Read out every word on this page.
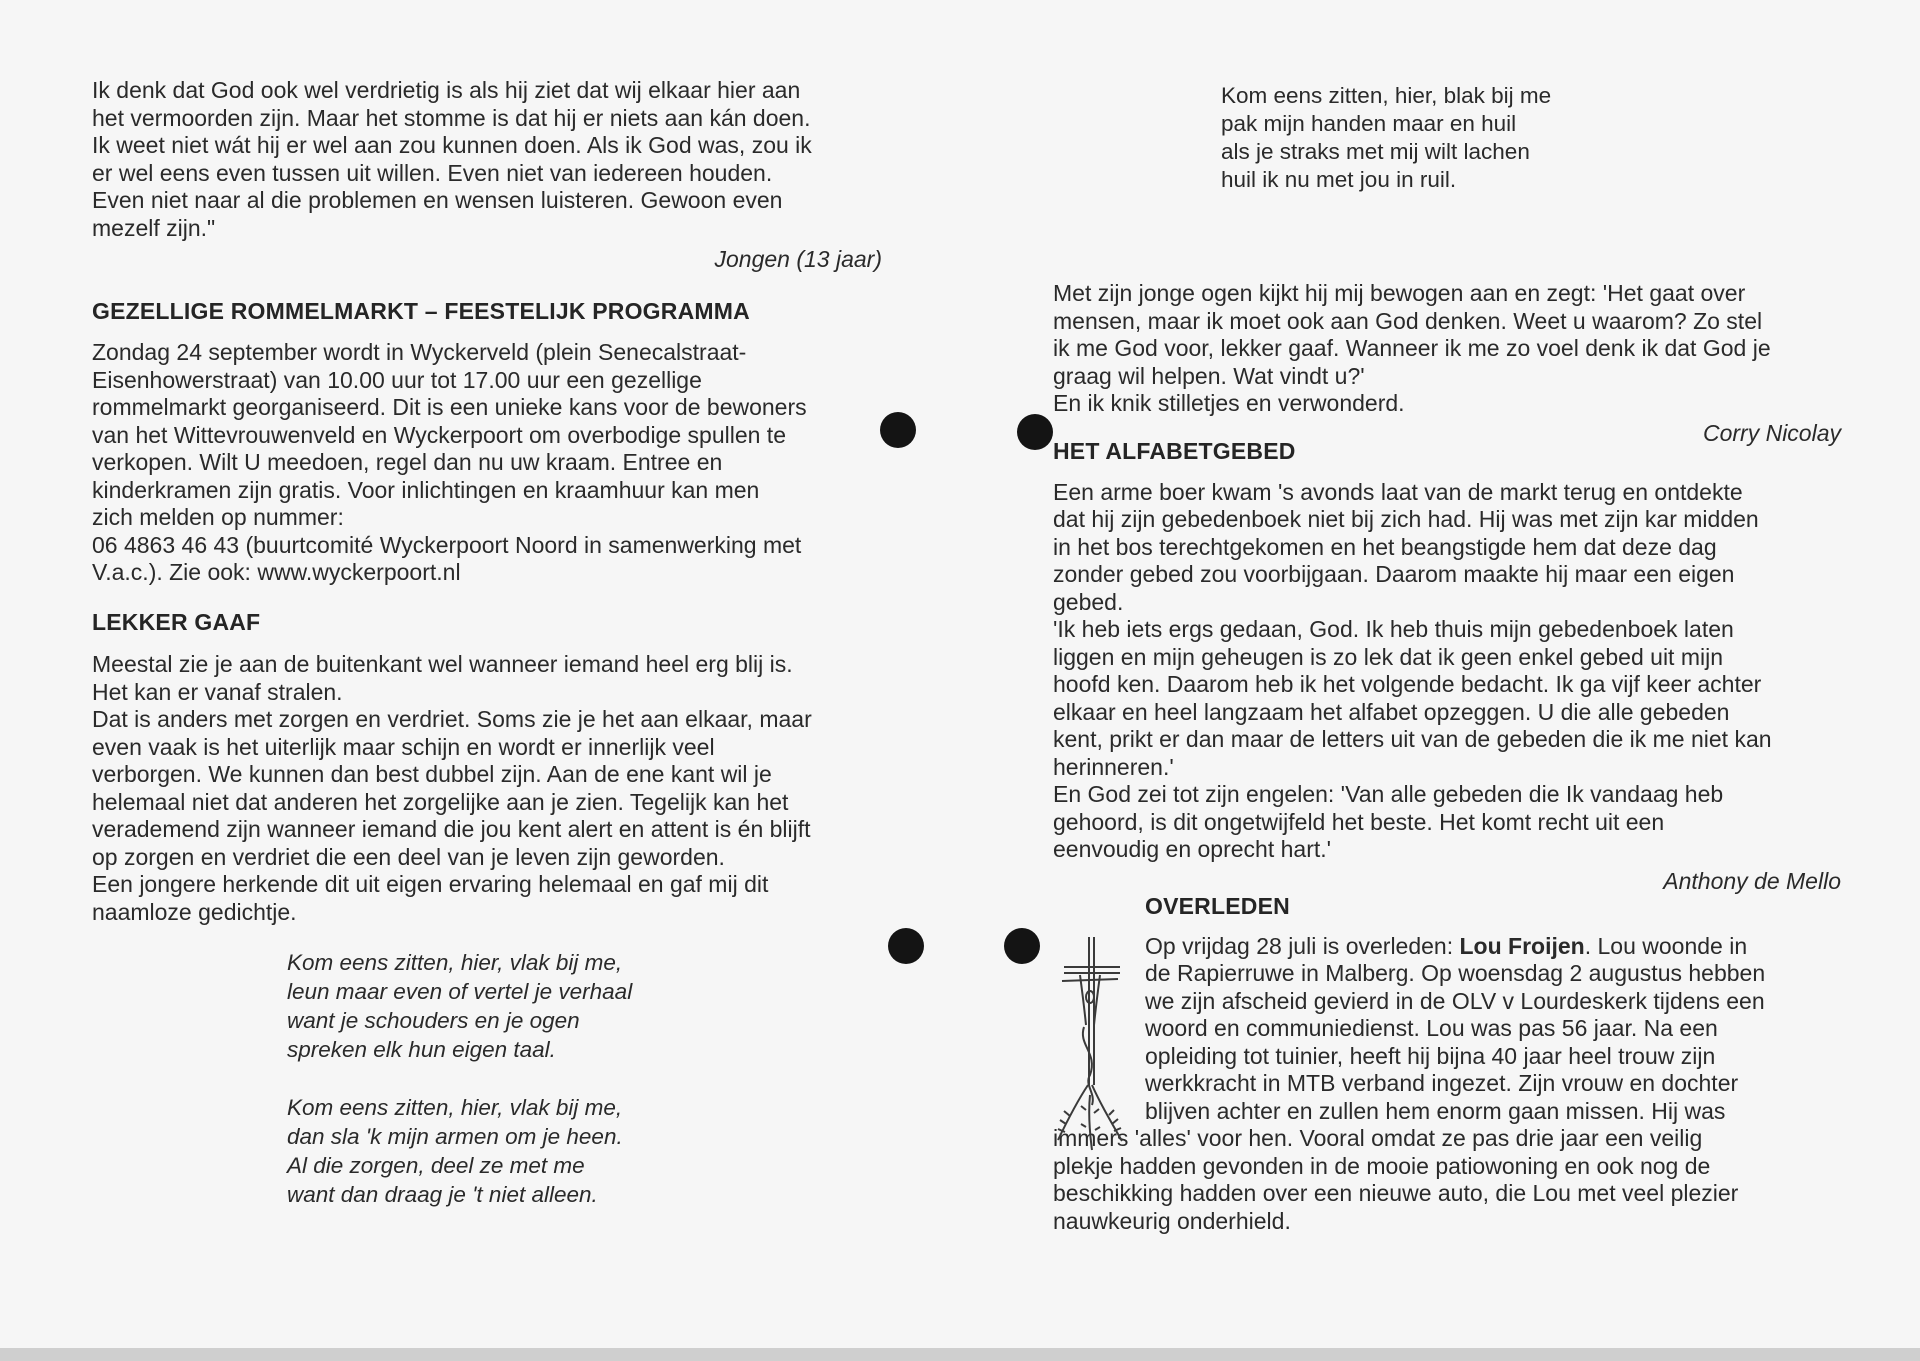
Ik denk dat God ook wel verdrietig is als hij ziet dat wij elkaar hier aan
het vermoorden zijn. Maar het stomme is dat hij er niets aan kán doen.
Ik weet niet wát hij er wel aan zou kunnen doen. Als ik God was, zou ik
er wel eens even tussen uit willen. Even niet van iedereen houden.
Even niet naar al die problemen en wensen luisteren. Gewoon even
mezelf zijn."

Jongen (13 jaar)

GEZELLIGE ROMMELMARKT – FEESTELIJK PROGRAMMA
Zondag 24 september wordt in Wyckerveld (plein Senecalstraat-
Eisenhowerstraat) van 10.00 uur tot 17.00 uur een gezellige
rommelmarkt georganiseerd. Dit is een unieke kans voor de bewoners
van het Wittevrouwenveld en Wyckerpoort om overbodige spullen te
verkopen. Wilt U meedoen, regel dan nu uw kraam. Entree en
kinderkramen zijn gratis. Voor inlichtingen en kraamhuur kan men
zich melden op nummer:
06 4863 46 43 (buurtcomité Wyckerpoort Noord in samenwerking met
V.a.c.). Zie ook: www.wyckerpoort.nl
LEKKER GAAF
Meestal zie je aan de buitenkant wel wanneer iemand heel erg blij is.
Het kan er vanaf stralen.
Dat is anders met zorgen en verdriet. Soms zie je het aan elkaar, maar
even vaak is het uiterlijk maar schijn en wordt er innerlijk veel
verborgen. We kunnen dan best dubbel zijn. Aan de ene kant wil je
helemaal niet dat anderen het zorgelijke aan je zien. Tegelijk kan het
verademend zijn wanneer iemand die jou kent alert en attent is én blijft
op zorgen en verdriet die een deel van je leven zijn geworden.
Een jongere herkende dit uit eigen ervaring helemaal en gaf mij dit
naamloze gedichtje.
Kom eens zitten, hier, vlak bij me,
leun maar even of vertel je verhaal
want je schouders en je ogen
spreken elk hun eigen taal.
Kom eens zitten, hier, vlak bij me,
dan sla 'k mijn armen om je heen.
Al die zorgen, deel ze met me
want dan draag je 't niet alleen.
Kom eens zitten, hier, blak bij me
pak mijn handen maar en huil
als je straks met mij wilt lachen
huil ik nu met jou in ruil.
Met zijn jonge ogen kijkt hij mij bewogen aan en zegt: 'Het gaat over
mensen, maar ik moet ook aan God denken. Weet u waarom? Zo stel
ik me God voor, lekker gaaf. Wanneer ik me zo voel denk ik dat God je
graag wil helpen. Wat vindt u?'
En ik knik stilletjes en verwonderd.

Corry Nicolay

HET ALFABETGEBED
Een arme boer kwam 's avonds laat van de markt terug en ontdekte
dat hij zijn gebedenboek niet bij zich had. Hij was met zijn kar midden
in het bos terechtgekomen en het beangstigde hem dat deze dag
zonder gebed zou voorbijgaan. Daarom maakte hij maar een eigen
gebed.
'Ik heb iets ergs gedaan, God. Ik heb thuis mijn gebedenboek laten
liggen en mijn geheugen is zo lek dat ik geen enkel gebed uit mijn
hoofd ken. Daarom heb ik het volgende bedacht. Ik ga vijf keer achter
elkaar en heel langzaam het alfabet opzeggen. U die alle gebeden
kent, prikt er dan maar de letters uit van de gebeden die ik me niet kan
herinneren.'
En God zei tot zijn engelen: 'Van alle gebeden die Ik vandaag heb
gehoord, is dit ongetwijfeld het beste. Het komt recht uit een
eenvoudig en oprecht hart.'

Anthony de Mello

OVERLEDEN
Op vrijdag 28 juli is overleden: Lou Froijen. Lou woonde in
de Rapierruwe in Malberg. Op woensdag 2 augustus hebben
we zijn afscheid gevierd in de OLV v Lourdeskerk tijdens een
woord en communiedienst. Lou was pas 56 jaar. Na een
opleiding tot tuinier, heeft hij bijna 40 jaar heel trouw zijn
werkkracht in MTB verband ingezet. Zijn vrouw en dochter
blijven achter en zullen hem enorm gaan missen. Hij was
immers 'alles' voor hen. Vooral omdat ze pas drie jaar een veilig
plekje hadden gevonden in de mooie patiowoning en ook nog de
beschikking hadden over een nieuwe auto, die Lou met veel plezier
nauwkeurig onderhield.
